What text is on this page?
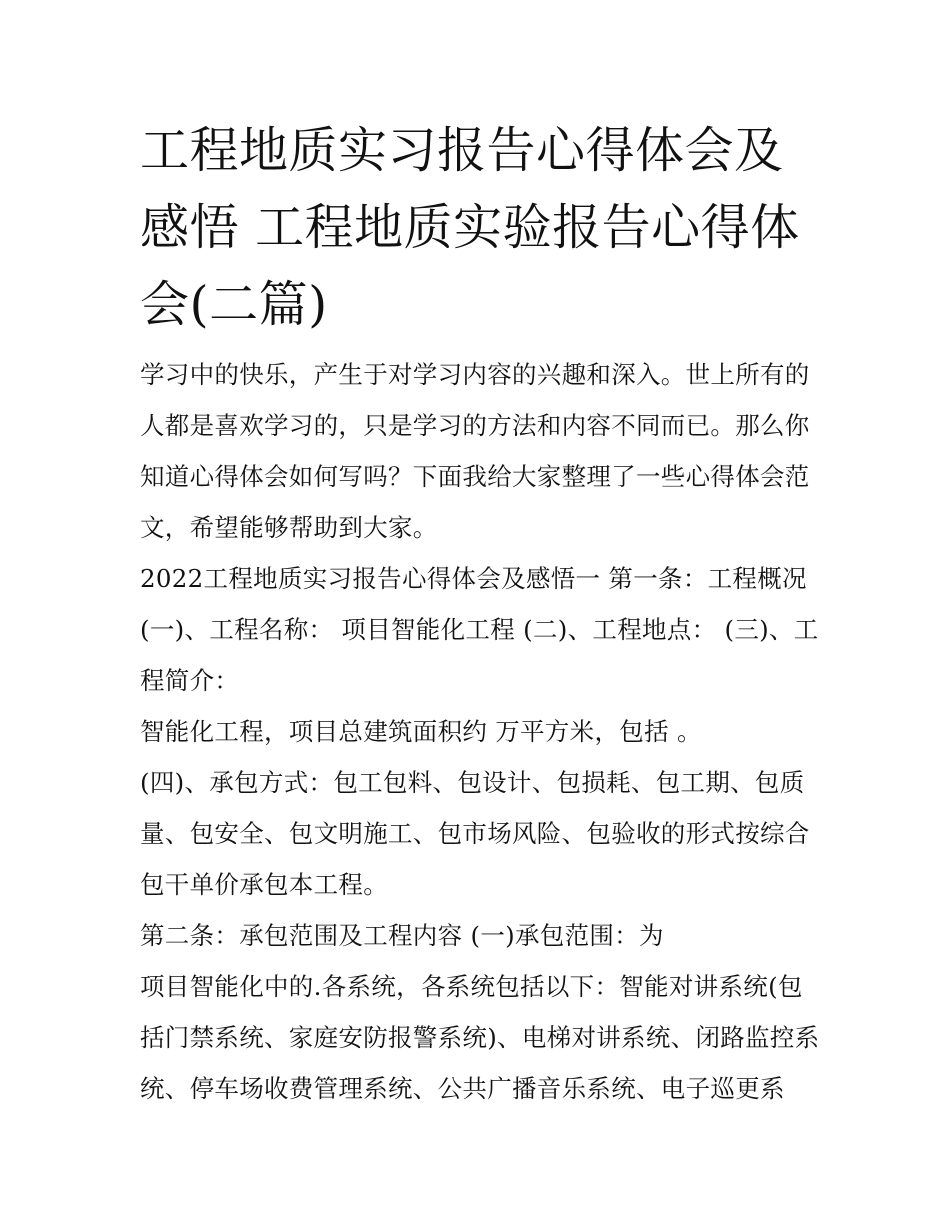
工程地质实习报告心得体会及感悟 工程地质实验报告心得体会(二篇)

学习中的快乐，产生于对学习内容的兴趣和深入。世上所有的人都是喜欢学习的，只是学习的方法和内容不同而已。那么你知道心得体会如何写吗？下面我给大家整理了一些心得体会范文，希望能够帮助到大家。

2022工程地质实习报告心得体会及感悟一 第一条：工程概况 (一)、工程名称： 项目智能化工程 (二)、工程地点： (三)、工程简介：

智能化工程，项目总建筑面积约 万平方米，包括 。

(四)、承包方式：包工包料、包设计、包损耗、包工期、包质量、包安全、包文明施工、包市场风险、包验收的形式按综合包干单价承包本工程。

第二条：承包范围及工程内容 (一)承包范围：为

项目智能化中的.各系统，各系统包括以下：智能对讲系统(包括门禁系统、家庭安防报警系统)、电梯对讲系统、闭路监控系统、停车场收费管理系统、公共广播音乐系统、电子巡更系
